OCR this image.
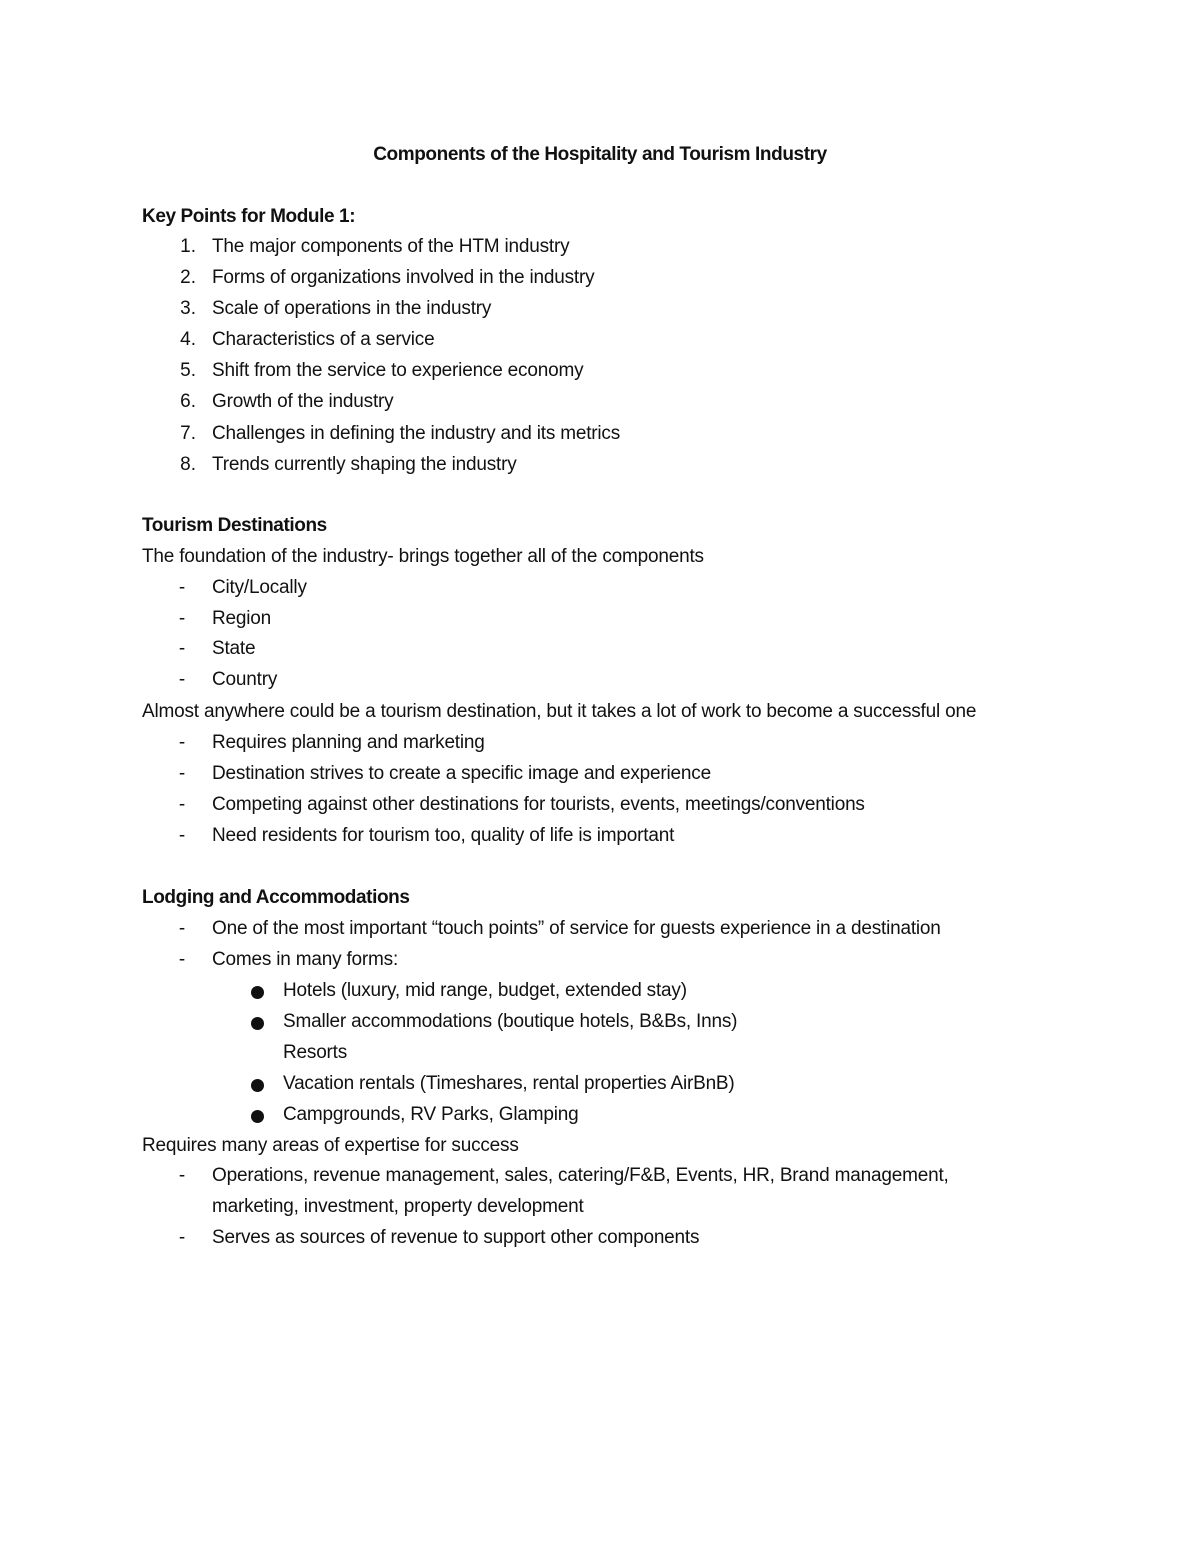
Components of the Hospitality and Tourism Industry
Key Points for Module 1:
1. The major components of the HTM industry
2. Forms of organizations involved in the industry
3. Scale of operations in the industry
4. Characteristics of a service
5. Shift from the service to experience economy
6. Growth of the industry
7. Challenges in defining the industry and its metrics
8. Trends currently shaping the industry
Tourism Destinations
The foundation of the industry- brings together all of the components
-	City/Locally
-	Region
-	State
-	Country
Almost anywhere could be a tourism destination, but it takes a lot of work to become a successful one
-	Requires planning and marketing
-	Destination strives to create a specific image and experience
-	Competing against other destinations for tourists, events, meetings/conventions
-	Need residents for tourism too, quality of life is important
Lodging and Accommodations
-	One of the most important “touch points” of service for guests experience in a destination
-	Comes in many forms:
Hotels (luxury, mid range, budget, extended stay)
Smaller accommodations (boutique hotels, B&Bs, Inns)
Resorts
Vacation rentals (Timeshares, rental properties AirBnB)
Campgrounds, RV Parks, Glamping
Requires many areas of expertise for success
-	Operations, revenue management, sales, catering/F&B, Events, HR, Brand management,
marketing, investment, property development
-	Serves as sources of revenue to support other components
